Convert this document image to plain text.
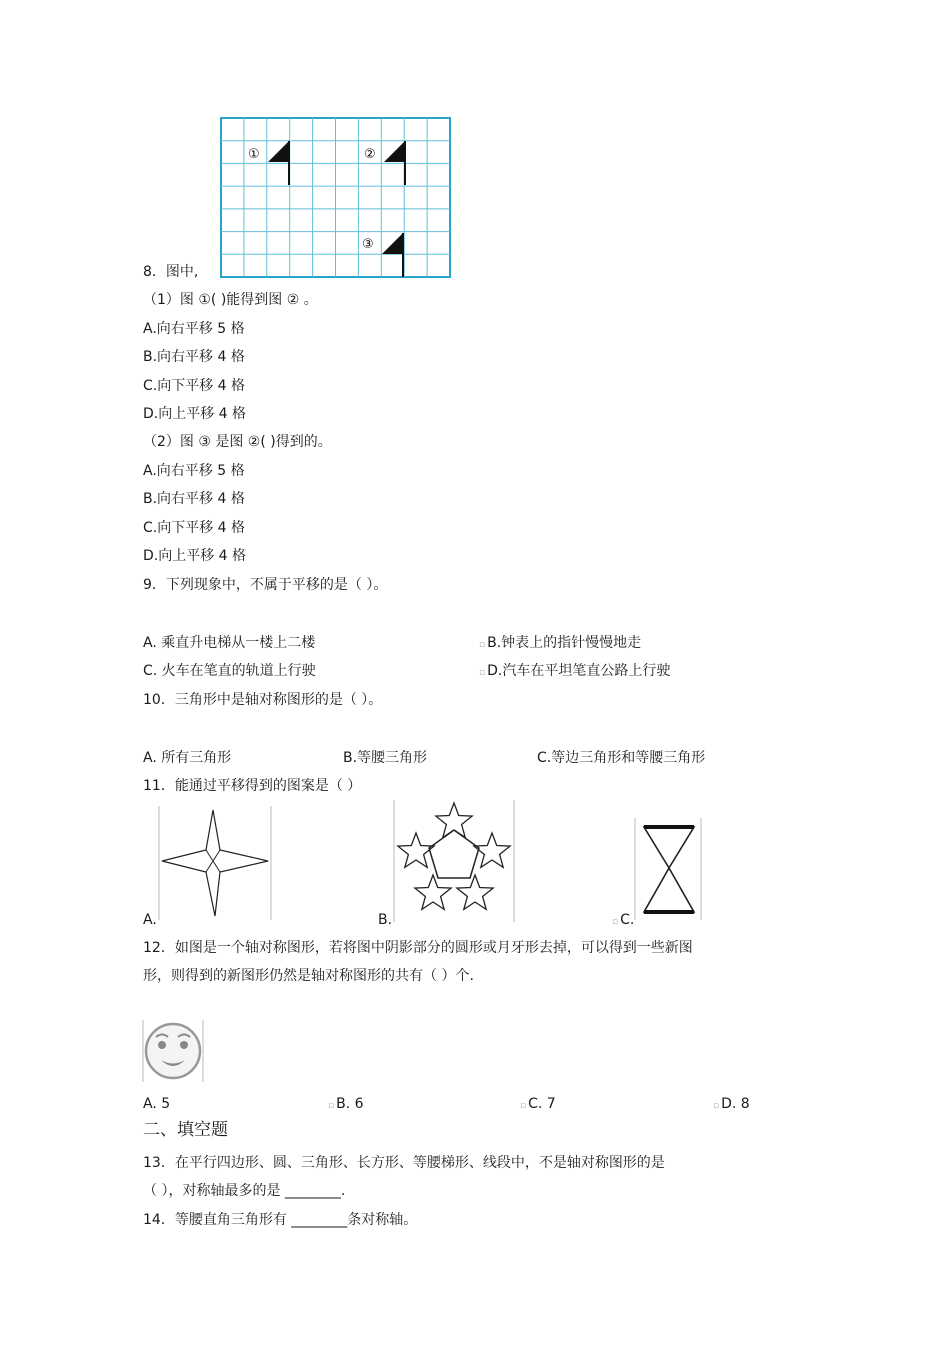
①	②
③
8．图中,
（1）图 ①( )能得到图 ② 。
A.向右平移 5 格
B.向右平移 4 格
C.向下平移 4 格
D.向上平移 4 格
（2）图 ③ 是图 ②( )得到的。
A.向右平移 5 格
B.向右平移 4 格
C.向下平移 4 格
D.向上平移 4 格
9．下列现象中，不属于平移的是（ ）。
A. 乘直升电梯从一楼上二楼	▫ B.钟表上的指针慢慢地走
C. 火车在笔直的轨道上行驶	▫ D.汽车在平坦笔直公路上行驶
10．三角形中是轴对称图形的是（ ）。
A. 所有三角形	B.等腰三角形	C.等边三角形和等腰三角形
11．能通过平移得到的图案是（ ）
A.	B.	▫ C.
12．如图是一个轴对称图形，若将图中阴影部分的圆形或月牙形去掉，可以得到一些新图
形，则得到的新图形仍然是轴对称图形的共有（ ）个.
A. 5	▫ B. 6	▫ C. 7	▫ D. 8
二、填空题
13．在平行四边形、圆、三角形、长方形、等腰梯形、线段中，不是轴对称图形的是
（ ），对称轴最多的是 ________.
14．等腰直角三角形有 ________条对称轴。
